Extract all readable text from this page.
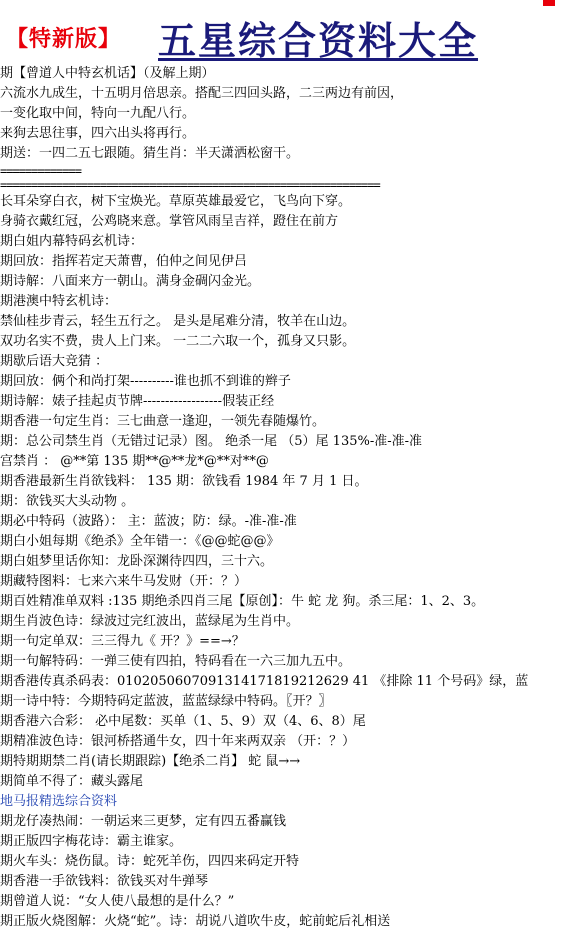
【特新版】 五星综合资料大全
期【曾道人中特玄机话】（及解上期）
六流水九成生，十五明月倍思亲。搭配三四回头路，二三两边有前因，
一变化取中间，特向一九配八行。
来狗去思往事，四六出头将再行。
期送：一四二五七跟随。猜生肖：半天潇洒松窗干。
=============
=============================================================
长耳朵穿白衣，树下宝焕光。草原英雄最爱它，飞鸟向下穿。
身骑衣戴红冠，公鸡晓来意。掌管风雨呈吉祥，蹬住在前方
期白姐内幕特码玄机诗：
期回放：指挥若定天萧曹，伯仲之间见伊吕
期诗解：八面来方一朝山。满身金碉闪金光。
期港澳中特玄机诗：
禁仙桂步青云，轻生五行之。 是头是尾难分清，牧羊在山边。
双功名实不费，贵人上门来。 一二二六取一个，孤身又只影。
期歇后语大竞猜 ：
期回放：俩个和尚打架----------谁也抓不到谁的辫子
期诗解：婊子挂起贞节牌------------------假装正经
期香港一句定生肖：三七曲意一逢迎，一领先春随爆竹。
期：总公司禁生肖（无错过记录）图。 绝杀一尾 （5）尾 135%-准-准-准
宫禁肖 ： @**第 135 期**@**龙*@**对**@
期香港最新生肖欲钱料： 135 期：欲钱看 1984 年 7 月 1 日。
期：欲钱买大头动物 。
期必中特码（波路）： 主：蓝波；防：绿。-准-准-准
期白小姐每期《绝杀》全年错一：《@@蛇@@》
期白姐梦里话你知：龙卧深渊待四四，三十六。
期藏特图料：七来六来牛马发财（开：？）
期百姓精准单双料 :135 期绝杀四肖三尾【原创】：牛 蛇 龙 狗。杀三尾：1、2、3。
期生肖波色诗：绿波过完红波出，蓝绿尾为生肖中。
期一句定单双：三三得九《 开？》==→？
期一句解特码：一弹三使有四拍，特码看在一六三加九五中。
期香港传真杀码表：0102050607091314171819212629 41 《排除 11 个号码》绿，蓝
期一诗中特：今期特码定蓝波，蓝蓝绿绿中特码。〖开？〗
期香港六合彩： 必中尾数：买单（1、5、9）双（4、6、8）尾
期精准波色诗：银河桥搭通牛女，四十年来两双亲 （开：？）
期特期期禁二肖(请长期跟踪)【绝杀二肖】 蛇 鼠→→
期简单不得了：藏头露尾
地马报精选综合资料
期龙仔凑热闹：一朝运来三更梦，定有四五番赢钱
期正版四字梅花诗：霸主谁家。
期火车头：烧伤鼠。诗：蛇死羊伤，四四来码定开特
期香港一手欲钱料：欲钱买对牛弹琴
期曾道人说：“女人使八最想的是什么？”
期正版火烧图解：火烧“蛇”。诗：胡说八道吹牛皮，蛇前蛇后礼相送
